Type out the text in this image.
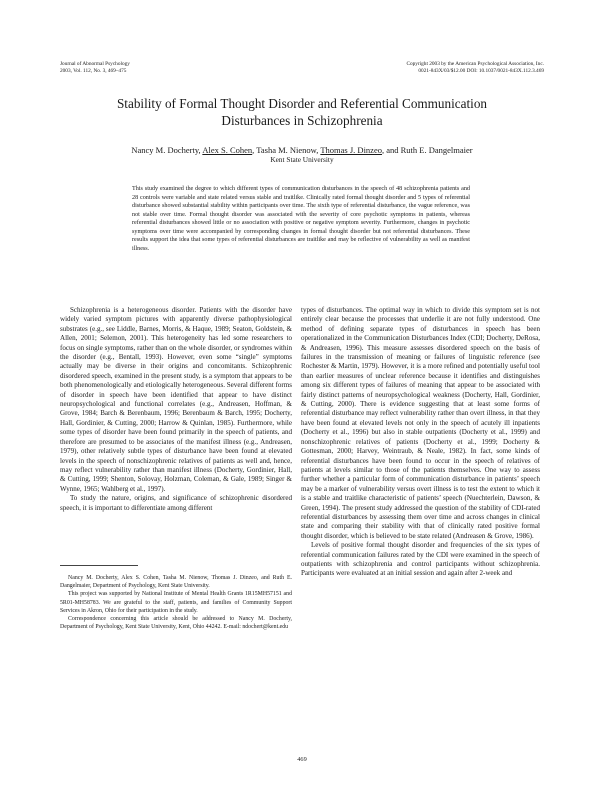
Journal of Abnormal Psychology
2003, Vol. 112, No. 3, 469–475
Copyright 2003 by the American Psychological Association, Inc.
0021-843X/03/$12.00 DOI: 10.1037/0021-843X.112.3.469
Stability of Formal Thought Disorder and Referential Communication
Disturbances in Schizophrenia
Nancy M. Docherty, Alex S. Cohen, Tasha M. Nienow, Thomas J. Dinzeo, and Ruth E. Dangelmaier
Kent State University
This study examined the degree to which different types of communication disturbances in the speech of 48 schizophrenia patients and 28 controls were variable and state related versus stable and traitlike. Clinically rated formal thought disorder and 5 types of referential disturbance showed substantial stability within participants over time. The sixth type of referential disturbance, the vague reference, was not stable over time. Formal thought disorder was associated with the severity of core psychotic symptoms in patients, whereas referential disturbances showed little or no association with positive or negative symptom severity. Furthermore, changes in psychotic symptoms over time were accompanied by corresponding changes in formal thought disorder but not referential disturbances. These results support the idea that some types of referential disturbances are traitlike and may be reflective of vulnerability as well as manifest illness.

Schizophrenia is a heterogeneous disorder. Patients with the disorder have widely varied symptom pictures with apparently diverse pathophysiological substrates (e.g., see Liddle, Barnes, Morris, & Haque, 1989; Seaton, Goldstein, & Allen, 2001; Selemon, 2001). This heterogeneity has led some researchers to focus on single symptoms, rather than on the whole disorder, or syndromes within the disorder (e.g., Bentall, 1993). However, even some “single” symptoms actually may be diverse in their origins and concomitants. Schizophrenic disordered speech, examined in the present study, is a symptom that appears to be both phenomenologically and etiologically heterogeneous. Several different forms of disorder in speech have been identified that appear to have distinct neuropsychological and functional correlates (e.g., Andreasen, Hoffman, & Grove, 1984; Barch & Berenbaum, 1996; Berenbaum & Barch, 1995; Docherty, Hall, Gordinier, & Cutting, 2000; Harrow & Quinlan, 1985). Furthermore, while some types of disorder have been found primarily in the speech of patients, and therefore are presumed to be associates of the manifest illness (e.g., Andreasen, 1979), other relatively subtle types of disturbance have been found at elevated levels in the speech of nonschizophrenic relatives of patients as well and, hence, may reflect vulnerability rather than manifest illness (Docherty, Gordinier, Hall, & Cutting, 1999; Shenton, Solovay, Holzman, Coleman, & Gale, 1989; Singer & Wynne, 1965; Wahlberg et al., 1997).

To study the nature, origins, and significance of schizophrenic disordered speech, it is important to differentiate among different

Nancy M. Docherty, Alex S. Cohen, Tasha M. Nienow, Thomas J. Dinzeo, and Ruth E. Dangelmaier, Department of Psychology, Kent State University.

This project was supported by National Institute of Mental Health Grants 1R15MH57151 and 5R01-MH58783. We are grateful to the staff, patients, and families of Community Support Services in Akron, Ohio for their participation in the study.

Correspondence concerning this article should be addressed to Nancy M. Docherty, Department of Psychology, Kent State University, Kent, Ohio 44242. E-mail: ndochert@kent.edu

types of disturbances. The optimal way in which to divide this symptom set is not entirely clear because the processes that underlie it are not fully understood. One method of defining separate types of disturbances in speech has been operationalized in the Communication Disturbances Index (CDI; Docherty, DeRosa, & Andreasen, 1996). This measure assesses disordered speech on the basis of failures in the transmission of meaning or failures of linguistic reference (see Rochester & Martin, 1979). However, it is a more refined and potentially useful tool than earlier measures of unclear reference because it identifies and distinguishes among six different types of failures of meaning that appear to be associated with fairly distinct patterns of neuropsychological weakness (Docherty, Hall, Gordinier, & Cutting, 2000). There is evidence suggesting that at least some forms of referential disturbance may reflect vulnerability rather than overt illness, in that they have been found at elevated levels not only in the speech of acutely ill inpatients (Docherty et al., 1996) but also in stable outpatients (Docherty et al., 1999) and nonschizophrenic relatives of patients (Docherty et al., 1999; Docherty & Gottesman, 2000; Harvey, Weintraub, & Neale, 1982). In fact, some kinds of referential disturbances have been found to occur in the speech of relatives of patients at levels similar to those of the patients themselves. One way to assess further whether a particular form of communication disturbance in patients’ speech may be a marker of vulnerability versus overt illness is to test the extent to which it is a stable and traitlike characteristic of patients’ speech (Nuechterlein, Dawson, & Green, 1994). The present study addressed the question of the stability of CDI-rated referential disturbances by assessing them over time and across changes in clinical state and comparing their stability with that of clinically rated positive formal thought disorder, which is believed to be state related (Andreasen & Grove, 1986).

Levels of positive formal thought disorder and frequencies of the six types of referential communication failures rated by the CDI were examined in the speech of outpatients with schizophrenia and control participants without schizophrenia. Participants were evaluated at an initial session and again after 2-week and

469
